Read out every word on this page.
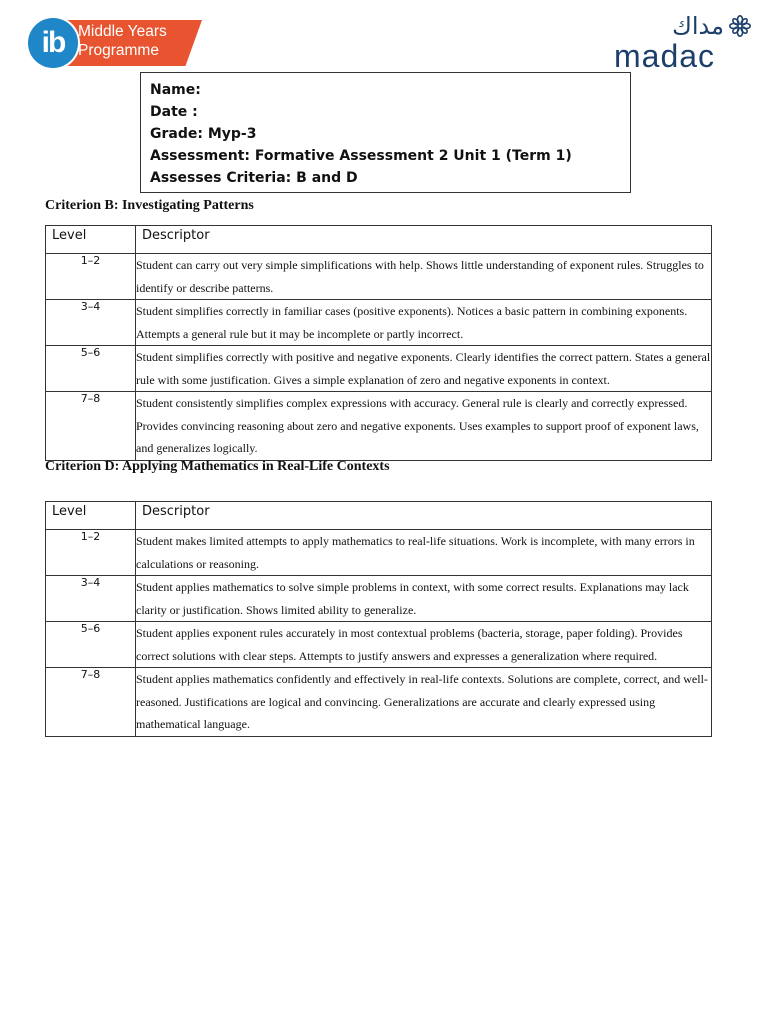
ib Middle Years
Programme
مداك
madac
Name:
Date :
Grade: Myp-3
Assessment: Formative Assessment 2 Unit 1 (Term 1)
Assesses Criteria: B and D
Criterion B: Investigating Patterns
Level	Descriptor
1–2	Student can carry out very simple simplifications with help. Shows little understanding of exponent rules. Struggles to identify or describe patterns.
3–4	Student simplifies correctly in familiar cases (positive exponents). Notices a basic pattern in combining exponents. Attempts a general rule but it may be incomplete or partly incorrect.
5–6	Student simplifies correctly with positive and negative exponents. Clearly identifies the correct pattern. States a general rule with some justification. Gives a simple explanation of zero and negative exponents in context.
7–8	Student consistently simplifies complex expressions with accuracy. General rule is clearly and correctly expressed. Provides convincing reasoning about zero and negative exponents. Uses examples to support proof of exponent laws, and generalizes logically.
Criterion D: Applying Mathematics in Real-Life Contexts
Level	Descriptor
1–2	Student makes limited attempts to apply mathematics to real-life situations. Work is incomplete, with many errors in calculations or reasoning.
3–4	Student applies mathematics to solve simple problems in context, with some correct results. Explanations may lack clarity or justification. Shows limited ability to generalize.
5–6	Student applies exponent rules accurately in most contextual problems (bacteria, storage, paper folding). Provides correct solutions with clear steps. Attempts to justify answers and expresses a generalization where required.
7–8	Student applies mathematics confidently and effectively in real-life contexts. Solutions are complete, correct, and well-reasoned. Justifications are logical and convincing. Generalizations are accurate and clearly expressed using mathematical language.
